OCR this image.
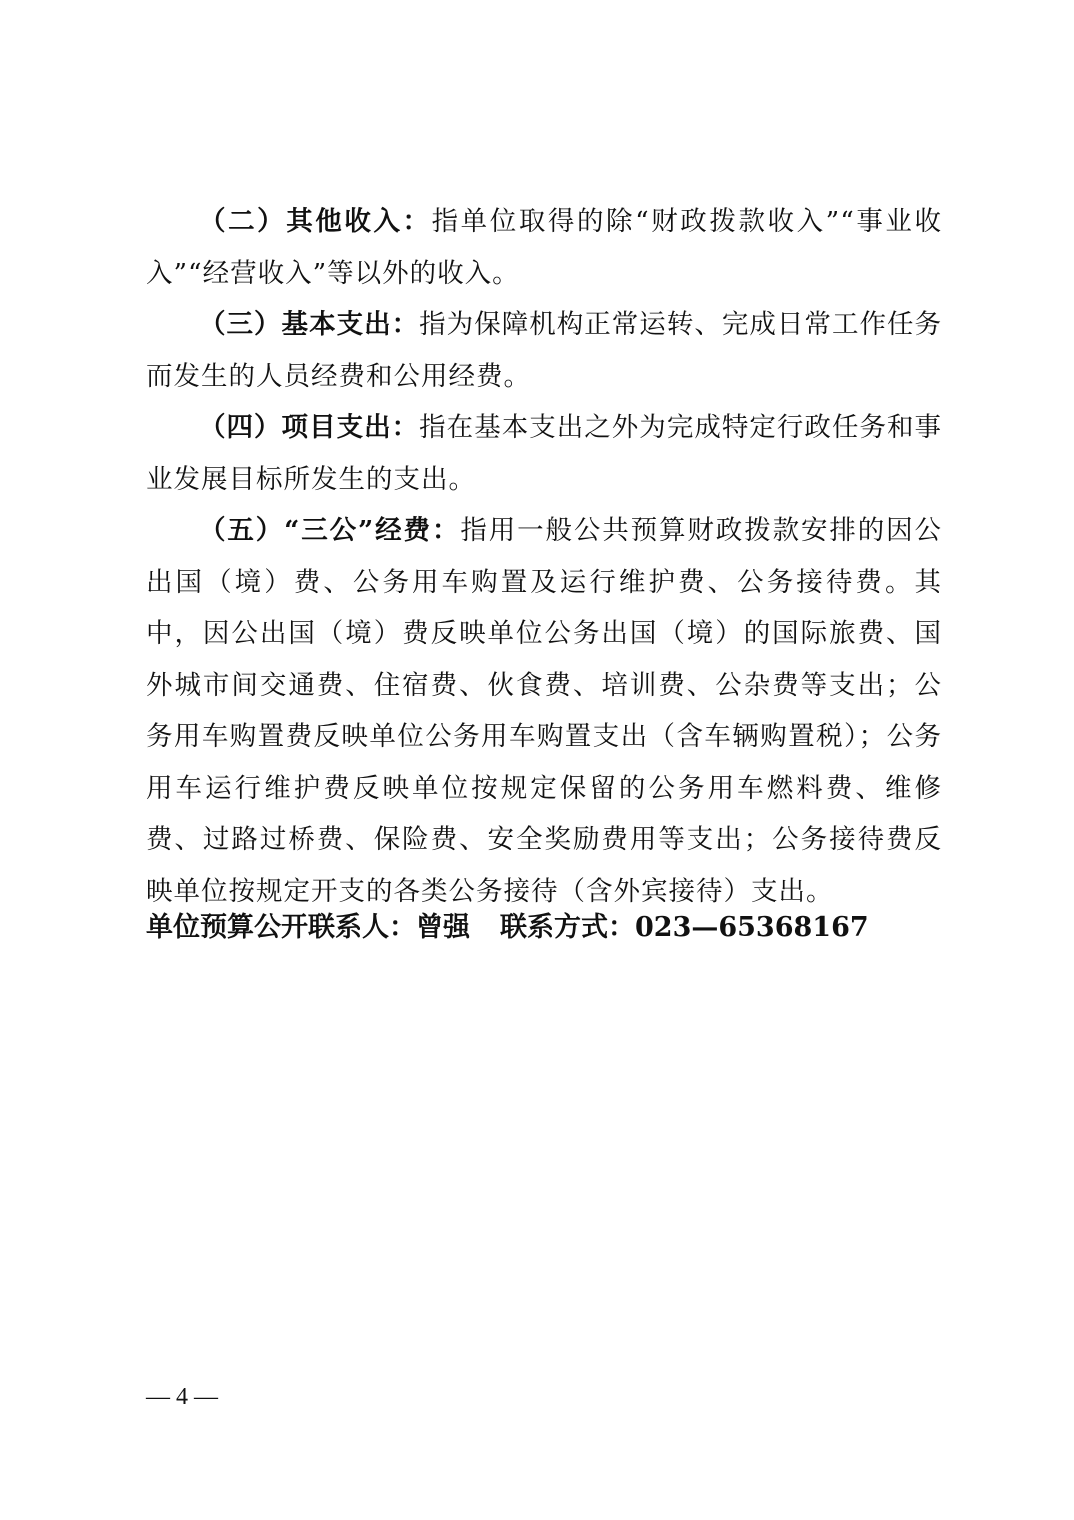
（二）其他收入：指单位取得的除“财政拨款收入”“事业收入”“经营收入”等以外的收入。

（三）基本支出：指为保障机构正常运转、完成日常工作任务而发生的人员经费和公用经费。

（四）项目支出：指在基本支出之外为完成特定行政任务和事业发展目标所发生的支出。

（五）“三公”经费：指用一般公共预算财政拨款安排的因公出国（境）费、公务用车购置及运行维护费、公务接待费。其中，因公出国（境）费反映单位公务出国（境）的国际旅费、国外城市间交通费、住宿费、伙食费、培训费、公杂费等支出；公务用车购置费反映单位公务用车购置支出（含车辆购置税）；公务用车运行维护费反映单位按规定保留的公务用车燃料费、维修费、过路过桥费、保险费、安全奖励费用等支出；公务接待费反映单位按规定开支的各类公务接待（含外宾接待）支出。

单位预算公开联系人：曾强 联系方式：023—65368167
— 4 —
